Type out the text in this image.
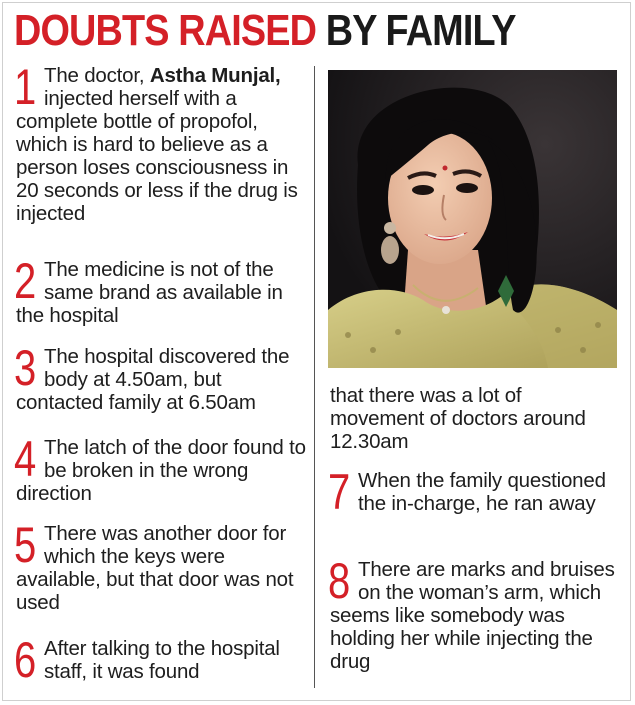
DOUBTS RAISED BY FAMILY
1 The doctor, Astha Munjal, injected herself with a complete bottle of propofol, which is hard to believe as a person loses consciousness in 20 seconds or less if the drug is injected

2 The medicine is not of the same brand as available in the hospital

3 The hospital discovered the body at 4.50am, but contacted family at 6.50am

4 The latch of the door found to be broken in the wrong direction

5 There was another door for which the keys were available, but that door was not used

6 After talking to the hospital staff, it was found

that there was a lot of movement of doctors around 12.30am

7 When the family questioned the in-charge, he ran away

8 There are marks and bruises on the woman’s arm, which seems like somebody was holding her while injecting the drug
